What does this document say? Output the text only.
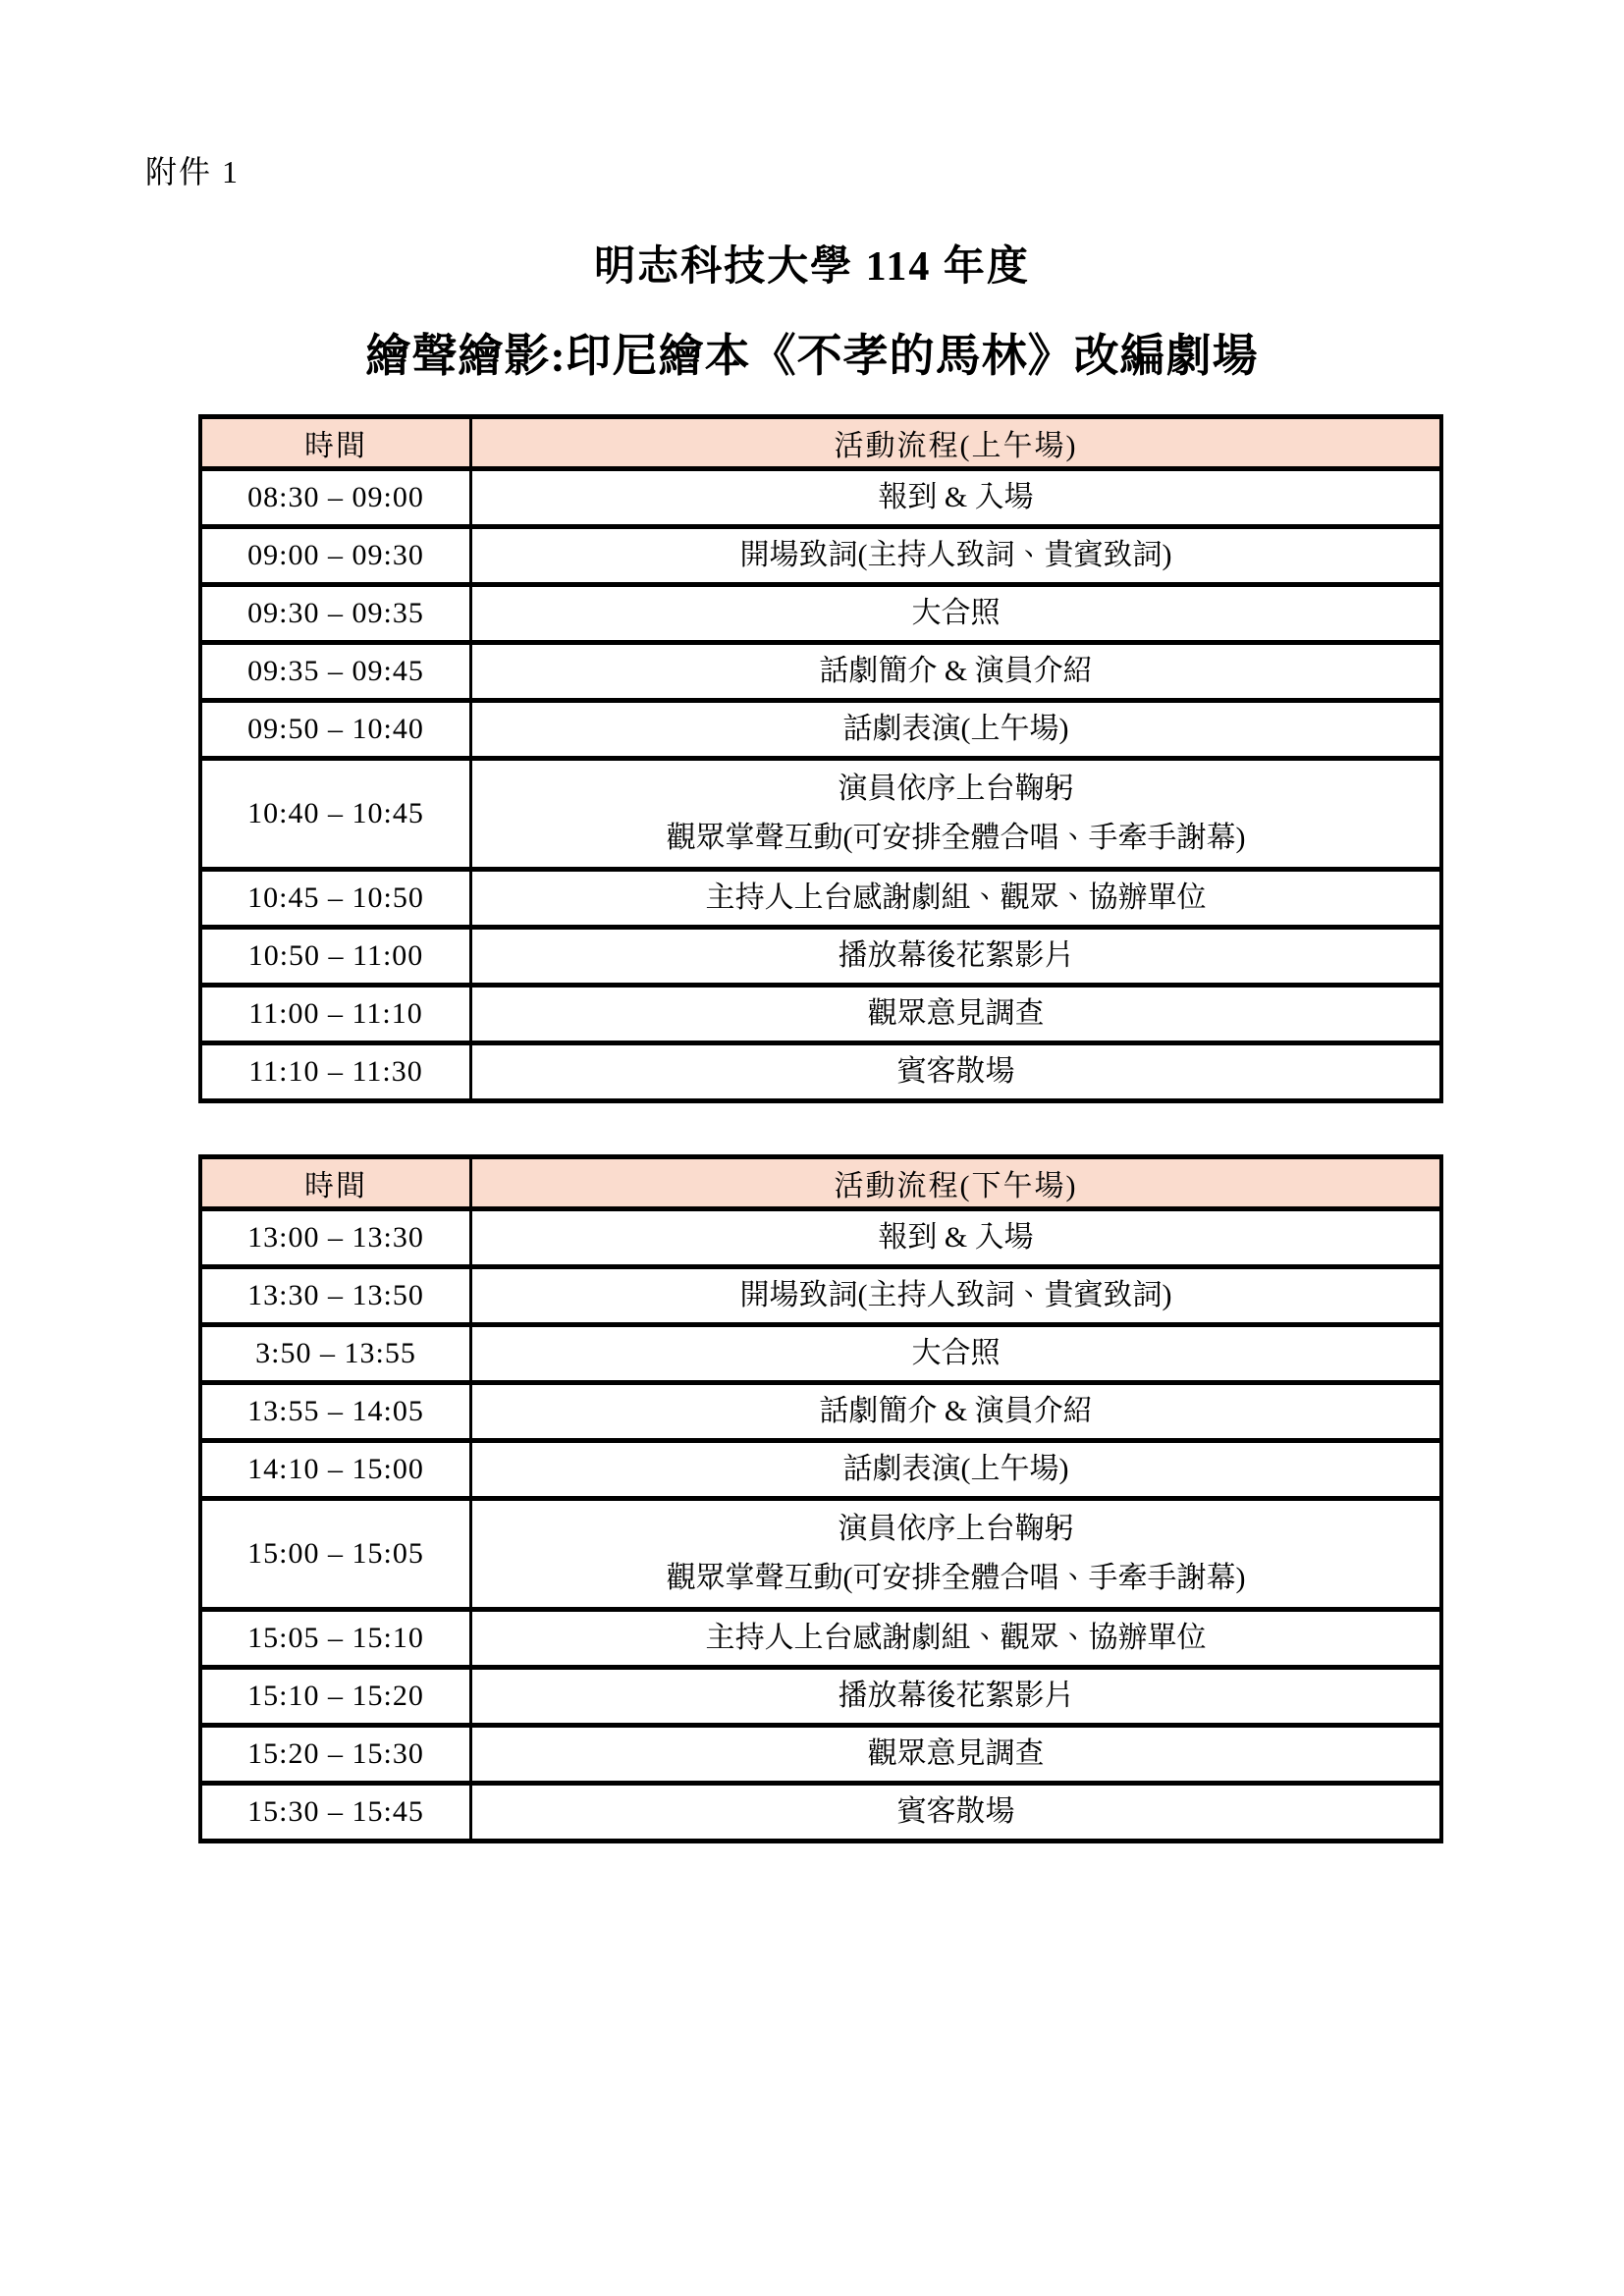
附件 1
明志科技大學 114 年度
繪聲繪影:印尼繪本《不孝的馬林》改編劇場
時間	活動流程(上午場)
08:30 – 09:00	報到 & 入場

09:00 – 09:30	開場致詞(主持人致詞、貴賓致詞)

09:30 – 09:35	大合照

09:35 – 09:45	話劇簡介 & 演員介紹

09:50 – 10:40	話劇表演(上午場)

10:40 – 10:45	演員依序上台鞠躬
觀眾掌聲互動(可安排全體合唱、手牽手謝幕)

10:45 – 10:50	主持人上台感謝劇組、觀眾、協辦單位

10:50 – 11:00	播放幕後花絮影片

11:00 – 11:10	觀眾意見調查

11:10 – 11:30	賓客散場
時間	活動流程(下午場)
13:00 – 13:30	報到 & 入場

13:30 – 13:50	開場致詞(主持人致詞、貴賓致詞)

3:50 – 13:55	大合照

13:55 – 14:05	話劇簡介 & 演員介紹

14:10 – 15:00	話劇表演(上午場)

15:00 – 15:05	演員依序上台鞠躬
觀眾掌聲互動(可安排全體合唱、手牽手謝幕)

15:05 – 15:10	主持人上台感謝劇組、觀眾、協辦單位

15:10 – 15:20	播放幕後花絮影片

15:20 – 15:30	觀眾意見調查

15:30 – 15:45	賓客散場
